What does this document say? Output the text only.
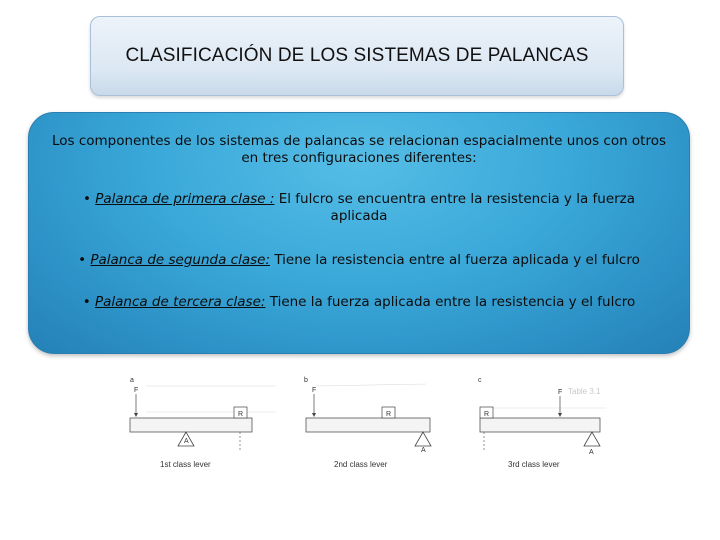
CLASIFICACIÓN DE LOS SISTEMAS DE PALANCAS
Los componentes de los sistemas de palancas se relacionan espacialmente unos con otros en tres configuraciones diferentes:
• Palanca de primera clase : El fulcro se encuentra entre la resistencia y la fuerza aplicada
• Palanca de segunda clase: Tiene la resistencia entre al fuerza aplicada y el fulcro
• Palanca de tercera clase: Tiene la fuerza aplicada entre la resistencia y el fulcro
Table 3.1
a
F
R
A
1st class lever
b
F
R
A
2nd class lever
c
F
R
A
3rd class lever
